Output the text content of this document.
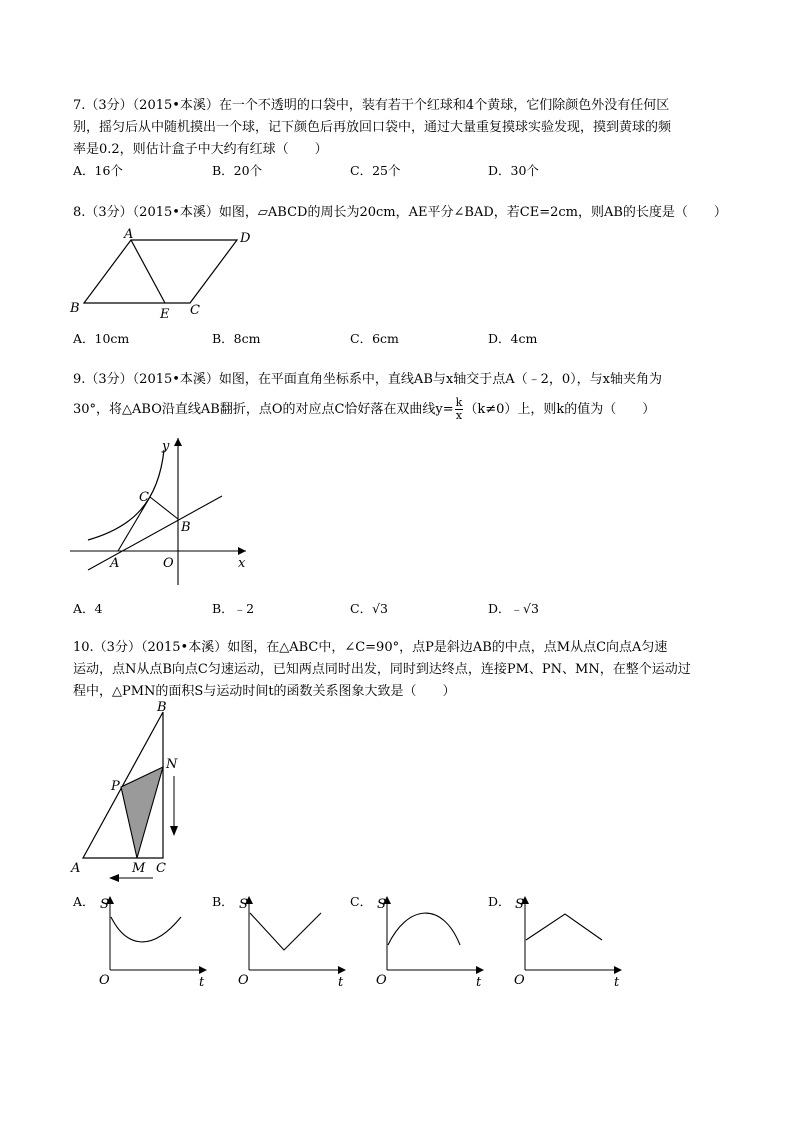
7.（3分）（2015•本溪）在一个不透明的口袋中，装有若干个红球和4个黄球，它们除颜色外没有任何区
别，摇匀后从中随机摸出一个球，记下颜色后再放回口袋中，通过大量重复摸球实验发现，摸到黄球的频
率是0.2，则估计盒子中大约有红球（　　）
A．16个	B．20个	C．25个	D．30个
8.（3分）（2015•本溪）如图，▱ABCD的周长为20cm，AE平分∠BAD，若CE=2cm，则AB的长度是（　　）
A	D
B	C
E
A．10cm	B．8cm	C．6cm	D．4cm
9.（3分）（2015•本溪）如图，在平面直角坐标系中，直线AB与x轴交于点A（﹣2，0），与x轴夹角为
30°，将△ABO沿直线AB翻折，点O的对应点C恰好落在双曲线$y= \frac{k}{x} (k\ne 0)$上，则k的值为（　　）
y
x
C
B
A	O
A．4	B．﹣2	C．√3	D．﹣√3
10.（3分）（2015•本溪）如图，在△ABC中，∠C=90°，点P是斜边AB的中点，点M从点C向点A匀速
运动，点N从点B向点C匀速运动，已知两点同时出发，同时到达终点，连接PM、PN、MN，在整个运动过
程中，△PMN的面积S与运动时间t的函数关系图象大致是（　　）
B
P
N
A	M C
A． S
O	t
B． S
O	t
C． S
O	t
D． S
O	t
